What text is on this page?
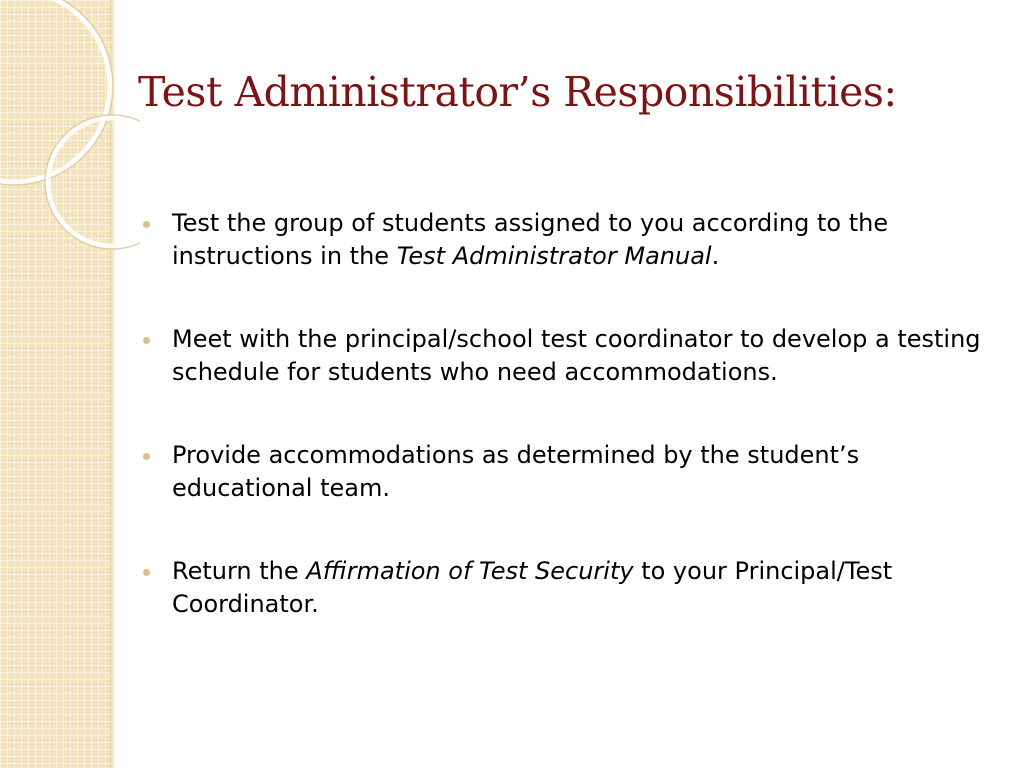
Test Administrator’s Responsibilities:
Test the group of students assigned to you according to the instructions in the Test Administrator Manual.
Meet with the principal/school test coordinator to develop a testing schedule for students who need accommodations.
Provide accommodations as determined by the student’s educational team.
Return the Affirmation of Test Security to your Principal/Test Coordinator.
